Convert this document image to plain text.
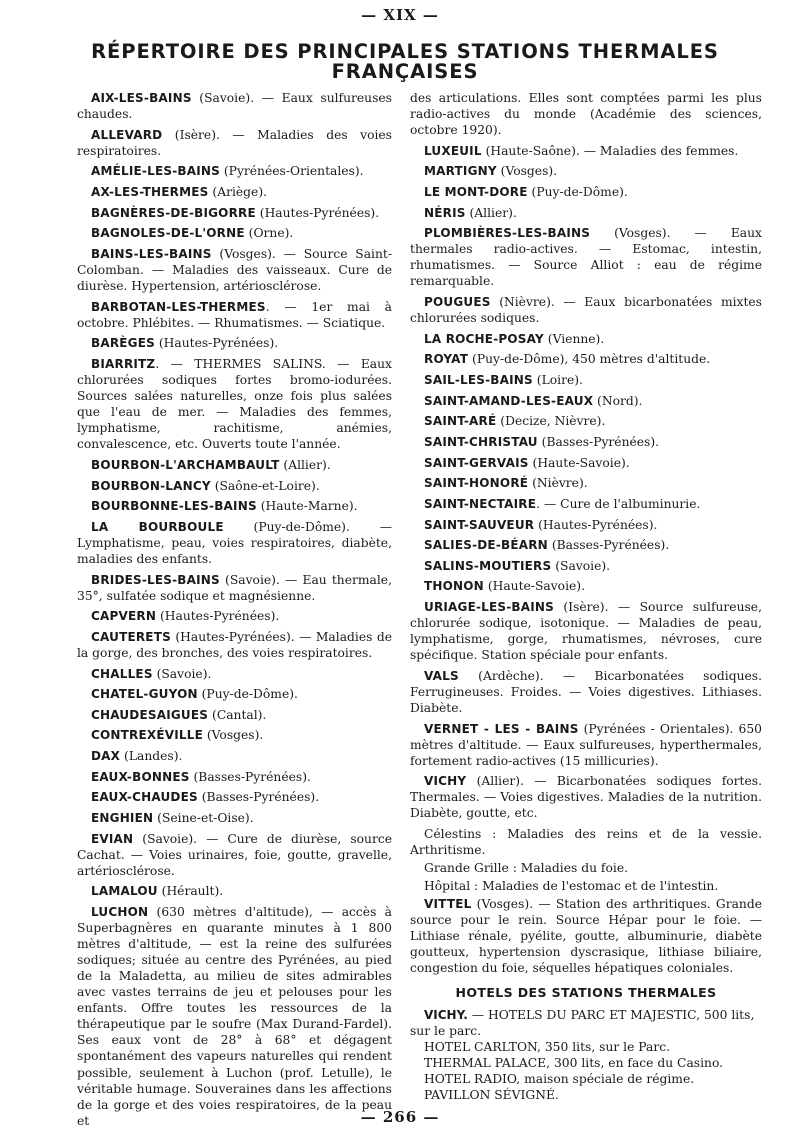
— XIX —
RÉPERTOIRE DES PRINCIPALES STATIONS THERMALES FRANÇAISES

AIX-LES-BAINS (Savoie). — Eaux sulfureuses chaudes.

ALLEVARD (Isère). — Maladies des voies respiratoires.

AMÉLIE-LES-BAINS (Pyrénées-Orientales).

AX-LES-THERMES (Ariège).

BAGNÈRES-DE-BIGORRE (Hautes-Pyrénées).

BAGNOLES-DE-L'ORNE (Orne).

BAINS-LES-BAINS (Vosges). — Source Saint-Colomban. — Maladies des vaisseaux. Cure de diurèse. Hypertension, artériosclérose.

BARBOTAN-LES-THERMES. — 1er mai à octobre. Phlébites. — Rhumatismes. — Sciatique.

BARÈGES (Hautes-Pyrénées).

BIARRITZ. — THERMES SALINS. — Eaux chlorurées sodiques fortes bromo-iodurées. Sources salées naturelles, onze fois plus salées que l'eau de mer. — Maladies des femmes, lymphatisme, rachitisme, anémies, convalescence, etc. Ouverts toute l'année.

BOURBON-L'ARCHAMBAULT (Allier).

BOURBON-LANCY (Saône-et-Loire).

BOURBONNE-LES-BAINS (Haute-Marne).

LA BOURBOULE (Puy-de-Dôme). — Lymphatisme, peau, voies respiratoires, diabète, maladies des enfants.

BRIDES-LES-BAINS (Savoie). — Eau thermale, 35°, sulfatée sodique et magnésienne.

CAPVERN (Hautes-Pyrénées).

CAUTERETS (Hautes-Pyrénées). — Maladies de la gorge, des bronches, des voies respiratoires.

CHALLES (Savoie).

CHATEL-GUYON (Puy-de-Dôme).

CHAUDESAIGUES (Cantal).

CONTREXÉVILLE (Vosges).

DAX (Landes).

EAUX-BONNES (Basses-Pyrénées).

EAUX-CHAUDES (Basses-Pyrénées).

ENGHIEN (Seine-et-Oise).

EVIAN (Savoie). — Cure de diurèse, source Cachat. — Voies urinaires, foie, goutte, gravelle, artériosclérose.

LAMALOU (Hérault).

LUCHON (630 mètres d'altitude), — accès à Superbagnères en quarante minutes à 1 800 mètres d'altitude, — est la reine des sulfurées sodiques; située au centre des Pyrénées, au pied de la Maladetta, au milieu de sites admirables avec vastes terrains de jeu et pelouses pour les enfants. Offre toutes les ressources de la thérapeutique par le soufre (Max Durand-Fardel). Ses eaux vont de 28° à 68° et dégagent spontanément des vapeurs naturelles qui rendent possible, seulement à Luchon (prof. Letulle), le véritable humage. Souveraines dans les affections de la gorge et des voies respiratoires, de la peau et

des articulations. Elles sont comptées parmi les plus radio-actives du monde (Académie des sciences, octobre 1920).

LUXEUIL (Haute-Saône). — Maladies des femmes.

MARTIGNY (Vosges).

LE MONT-DORE (Puy-de-Dôme).

NÉRIS (Allier).

PLOMBIÈRES-LES-BAINS (Vosges). — Eaux thermales radio-actives. — Estomac, intestin, rhumatismes. — Source Alliot : eau de régime remarquable.

POUGUES (Nièvre). — Eaux bicarbonatées mixtes chlorurées sodiques.

LA ROCHE-POSAY (Vienne).

ROYAT (Puy-de-Dôme), 450 mètres d'altitude.

SAIL-LES-BAINS (Loire).

SAINT-AMAND-LES-EAUX (Nord).

SAINT-ARÉ (Decize, Nièvre).

SAINT-CHRISTAU (Basses-Pyrénées).

SAINT-GERVAIS (Haute-Savoie).

SAINT-HONORÉ (Nièvre).

SAINT-NECTAIRE. — Cure de l'albuminurie.

SAINT-SAUVEUR (Hautes-Pyrénées).

SALIES-DE-BÉARN (Basses-Pyrénées).

SALINS-MOUTIERS (Savoie).

THONON (Haute-Savoie).

URIAGE-LES-BAINS (Isère). — Source sulfureuse, chlorurée sodique, isotonique. — Maladies de peau, lymphatisme, gorge, rhumatismes, névroses, cure spécifique. Station spéciale pour enfants.

VALS (Ardèche). — Bicarbonatées sodiques. Ferrugineuses. Froides. — Voies digestives. Lithiases. Diabète.

VERNET - LES - BAINS (Pyrénées - Orientales). 650 mètres d'altitude. — Eaux sulfureuses, hyperthermales, fortement radio-actives (15 millicuries).

VICHY (Allier). — Bicarbonatées sodiques fortes. Thermales. — Voies digestives. Maladies de la nutrition. Diabète, goutte, etc.

Célestins : Maladies des reins et de la vessie. Arthritisme.

Grande Grille : Maladies du foie.

Hôpital : Maladies de l'estomac et de l'intestin.

VITTEL (Vosges). — Station des arthritiques. Grande source pour le rein. Source Hépar pour le foie. — Lithiase rénale, pyélite, goutte, albuminurie, diabète goutteux, hypertension dyscrasique, lithiase biliaire, congestion du foie, séquelles hépatiques coloniales.

HOTELS DES STATIONS THERMALES

VICHY. — HOTELS DU PARC ET MAJESTIC, 500 lits, sur le parc.

HOTEL CARLTON, 350 lits, sur le Parc.

THERMAL PALACE, 300 lits, en face du Casino.

HOTEL RADIO, maison spéciale de régime.

PAVILLON SÉVIGNÉ.

— 266 —
